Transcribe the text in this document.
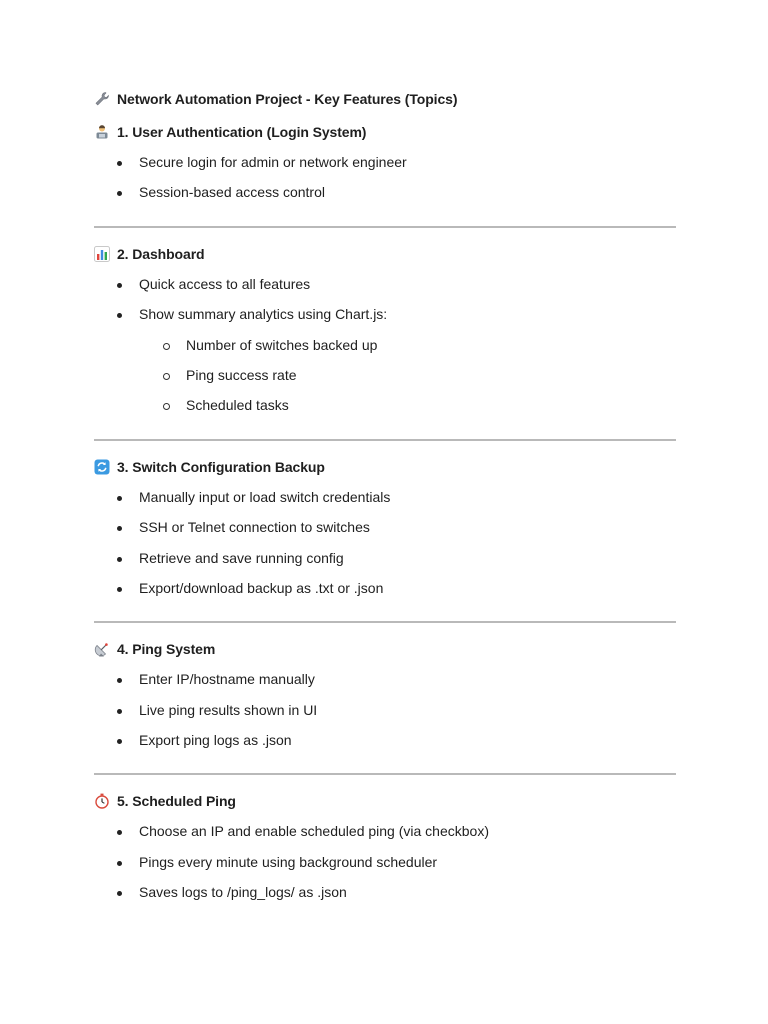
Network Automation Project - Key Features (Topics)
1. User Authentication (Login System)
Secure login for admin or network engineer
Session-based access control
2. Dashboard
Quick access to all features
Show summary analytics using Chart.js:
Number of switches backed up
Ping success rate
Scheduled tasks
3. Switch Configuration Backup
Manually input or load switch credentials
SSH or Telnet connection to switches
Retrieve and save running config
Export/download backup as .txt or .json
4. Ping System
Enter IP/hostname manually
Live ping results shown in UI
Export ping logs as .json
5. Scheduled Ping
Choose an IP and enable scheduled ping (via checkbox)
Pings every minute using background scheduler
Saves logs to /ping_logs/ as .json
